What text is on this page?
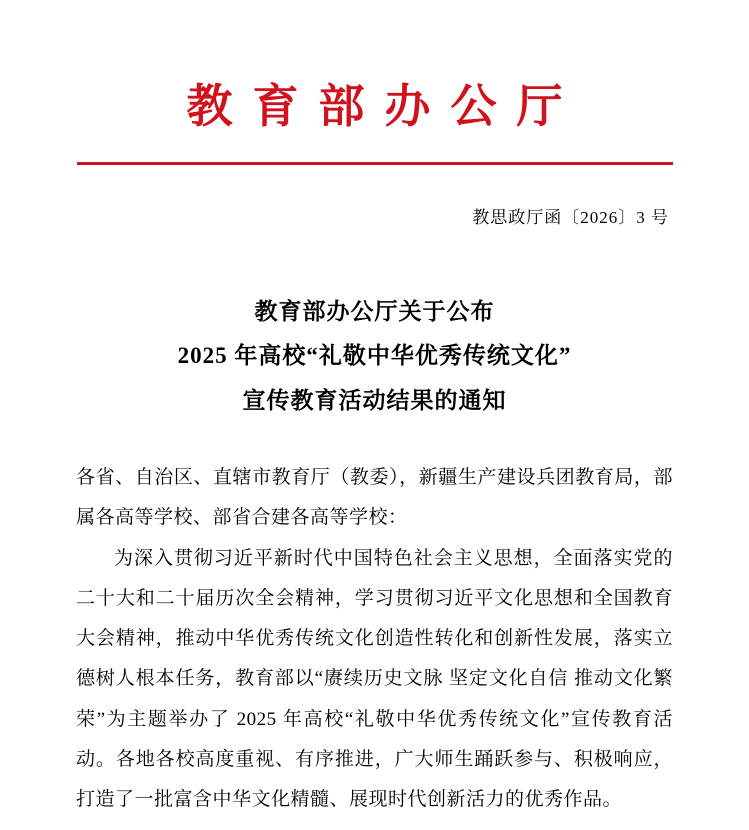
教育部办公厅
教思政厅函〔2026〕3 号
教育部办公厅关于公布
2025 年高校“礼敬中华优秀传统文化”
宣传教育活动结果的通知

各省、自治区、直辖市教育厅（教委），新疆生产建设兵团教育局，部属各高等学校、部省合建各高等学校：

为深入贯彻习近平新时代中国特色社会主义思想，全面落实党的二十大和二十届历次全会精神，学习贯彻习近平文化思想和全国教育大会精神，推动中华优秀传统文化创造性转化和创新性发展，落实立德树人根本任务，教育部以“赓续历史文脉 坚定文化自信 推动文化繁荣”为主题举办了 2025 年高校“礼敬中华优秀传统文化”宣传教育活动。各地各校高度重视、有序推进，广大师生踊跃参与、积极响应，打造了一批富含中华文化精髓、展现时代创新活力的优秀作品。
